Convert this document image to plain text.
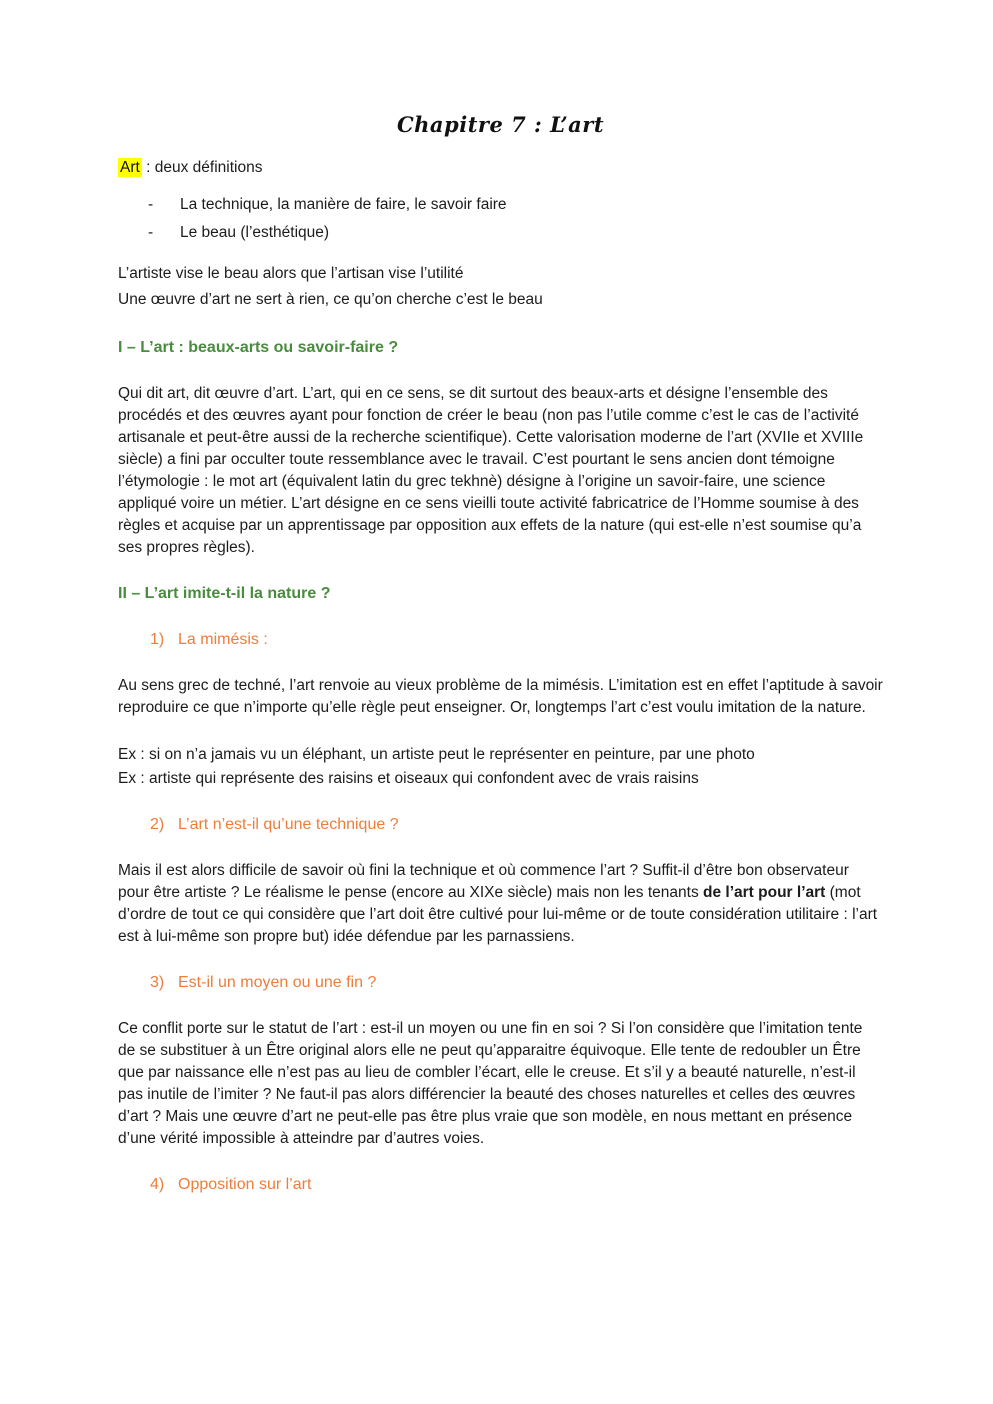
Chapitre 7 : L’art

Art : deux définitions

-	La technique, la manière de faire, le savoir faire
-	Le beau (l’esthétique)
L’artiste vise le beau alors que l’artisan vise l’utilité
Une œuvre d’art ne sert à rien, ce qu’on cherche c’est le beau
I – L’art : beaux-arts ou savoir-faire ?

Qui dit art, dit œuvre d’art. L’art, qui en ce sens, se dit surtout des beaux-arts et désigne l’ensemble des procédés et des œuvres ayant pour fonction de créer le beau (non pas l’utile comme c’est le cas de l’activité artisanale et peut-être aussi de la recherche scientifique). Cette valorisation moderne de l’art (XVIIe et XVIIIe siècle) a fini par occulter toute ressemblance avec le travail. C’est pourtant le sens ancien dont témoigne l’étymologie : le mot art (équivalent latin du grec tekhnè) désigne à l’origine un savoir-faire, une science appliqué voire un métier. L’art désigne en ce sens vieilli toute activité fabricatrice de l’Homme soumise à des règles et acquise par un apprentissage par opposition aux effets de la nature (qui est-elle n’est soumise qu’a ses propres règles).

II – L’art imite-t-il la nature ?
1) La mimésis :

Au sens grec de techné, l’art renvoie au vieux problème de la mimésis. L’imitation est en effet l’aptitude à savoir reproduire ce que n’importe qu’elle règle peut enseigner. Or, longtemps l’art c’est voulu imitation de la nature.

Ex : si on n’a jamais vu un éléphant, un artiste peut le représenter en peinture, par une photo
Ex : artiste qui représente des raisins et oiseaux qui confondent avec de vrais raisins
2) L’art n’est-il qu’une technique ?

Mais il est alors difficile de savoir où fini la technique et où commence l’art ? Suffit-il d’être bon observateur pour être artiste ? Le réalisme le pense (encore au XIXe siècle) mais non les tenants de l’art pour l’art (mot d’ordre de tout ce qui considère que l’art doit être cultivé pour lui-même or de toute considération utilitaire : l’art est à lui-même son propre but) idée défendue par les parnassiens.

3) Est-il un moyen ou une fin ?

Ce conflit porte sur le statut de l’art : est-il un moyen ou une fin en soi ? Si l’on considère que l’imitation tente de se substituer à un Être original alors elle ne peut qu’apparaitre équivoque. Elle tente de redoubler un Être que par naissance elle n’est pas au lieu de combler l’écart, elle le creuse. Et s’il y a beauté naturelle, n’est-il pas inutile de l’imiter ? Ne faut-il pas alors différencier la beauté des choses naturelles et celles des œuvres d’art ? Mais une œuvre d’art ne peut-elle pas être plus vraie que son modèle, en nous mettant en présence d’une vérité impossible à atteindre par d’autres voies.

4) Opposition sur l’art
